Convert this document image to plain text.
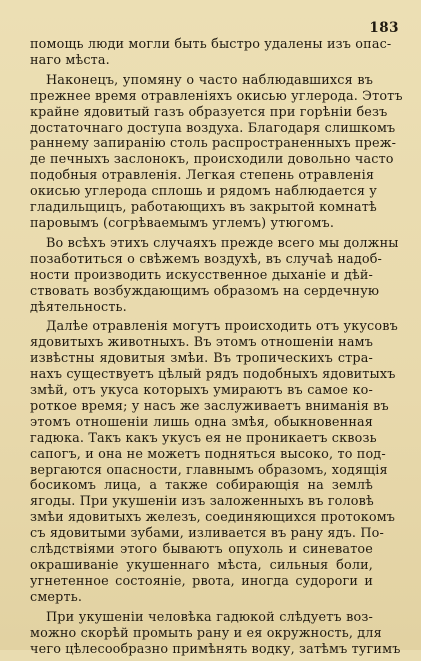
183
помощь люди могли быть быстро удалены изъ опас-
наго мѣста.
Наконецъ, упомяну о часто наблюдавшихся въ
прежнее время отравленіяхъ окисью углерода. Этотъ
крайне ядовитый газъ образуется при горѣніи безъ
достаточнаго доступа воздуха. Благодаря слишкомъ
раннему запиранію столь распространенныхъ преж-
де печныхъ заслонокъ, происходили довольно часто
подобныя отравленія. Легкая степень отравленія
окисью углерода сплошь и рядомъ наблюдается у
гладильщицъ, работающихъ въ закрытой комнатѣ
паровымъ (согрѣваемымъ углемъ) утюгомъ.
Во всѣхъ этихъ случаяхъ прежде всего мы должны
позаботиться о свѣжемъ воздухѣ, въ случаѣ надоб-
ности производить искусственное дыханіе и дѣй-
ствовать возбуждающимъ образомъ на сердечную
дѣятельность.
Далѣе отравленія могутъ происходить отъ укусовъ
ядовитыхъ животныхъ. Въ этомъ отношеніи намъ
извѣстны ядовитыя змѣи. Въ тропическихъ стра-
нахъ существуетъ цѣлый рядъ подобныхъ ядовитыхъ
змѣй, отъ укуса которыхъ умираютъ въ самое ко-
роткое время; у насъ же заслуживаетъ вниманія въ
этомъ отношеніи лишь одна змѣя, обыкновенная
гадюка. Такъ какъ укусъ ея не проникаетъ сквозь
сапогъ, и она не можетъ подняться высоко, то под-
вергаются опасности, главнымъ образомъ, ходящія
босикомъ лица, а также собирающія на землѣ
ягоды. При укушеніи изъ заложенныхъ въ головѣ
змѣи ядовитыхъ железъ, соединяющихся протокомъ
съ ядовитыми зубами, изливается въ рану ядъ. По-
слѣдствіями этого бываютъ опухоль и синеватое
окрашиваніе укушеннаго мѣста, сильныя боли,
угнетенное состояніе, рвота, иногда судороги и
смерть.
При укушеніи человѣка гадюкой слѣдуетъ воз-
можно скорѣй промыть рану и ея окружность, для
чего цѣлесообразно примѣнять водку, затѣмъ тугимъ
